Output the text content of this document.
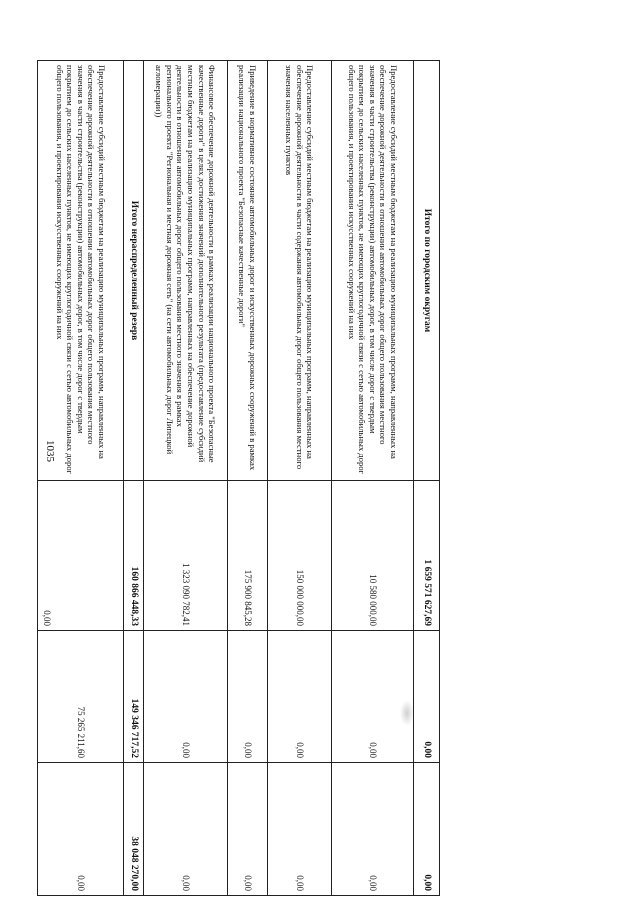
1035
Итого по городским округам	1 659 571 627,69	0,00	0,00
Предоставление субсидий местным бюджетам на реализацию муниципальных программ, направленных на обеспечение дорожной деятельности в отношении автомобильных дорог общего пользования местного значения в части строительства (реконструкции) автомобильных дорог, в том числе дорог с твердым покрытием до сельских населенных пунктов, не имеющих круглогодичной связи с сетью автомобильных дорог общего пользования, и проектирования искусственных сооружений на них	10 580 000,00	0,00	0,00
Предоставление субсидий местным бюджетам на реализацию муниципальных программ, направленных на обеспечение дорожной деятельности в части содержания автомобильных дорог общего пользования местного значения населенных пунктов	150 000 000,00	0,00	0,00
Приведение в нормативное состояние автомобильных дорог и искусственных дорожных сооружений в рамках реализации национального проекта "Безопасные качественные дороги"	175 900 845,28	0,00	0,00
Финансовое обеспечение дорожной деятельности в рамках реализации национального проекта "Безопасные качественные дороги" в целях достижения значений дополнительного результата (предоставление субсидий местным бюджетам на реализацию муниципальных программ, направленных на обеспечение дорожной деятельности в отношении автомобильных дорог общего пользования местного значения в рамках регионального проекта "Региональная и местная дорожная сеть" (на сети автомобильных дорог Липецкой агломерации))	1 323 090 782,41	0,00	0,00
Итого нераспределенный резерв	160 866 448,33	149 346 717,52	38 048 270,00
Предоставление субсидий местным бюджетам на реализацию муниципальных программ, направленных на обеспечение дорожной деятельности в отношении автомобильных дорог общего пользования местного значения в части строительства (реконструкции) автомобильных дорог, в том числе дорог с твердым покрытием до сельских населенных пунктов, не имеющих круглогодичной связи с сетью автомобильных дорог общего пользования, и проектирования искусственных сооружений на них	0,00	75 265 211,60	0,00
